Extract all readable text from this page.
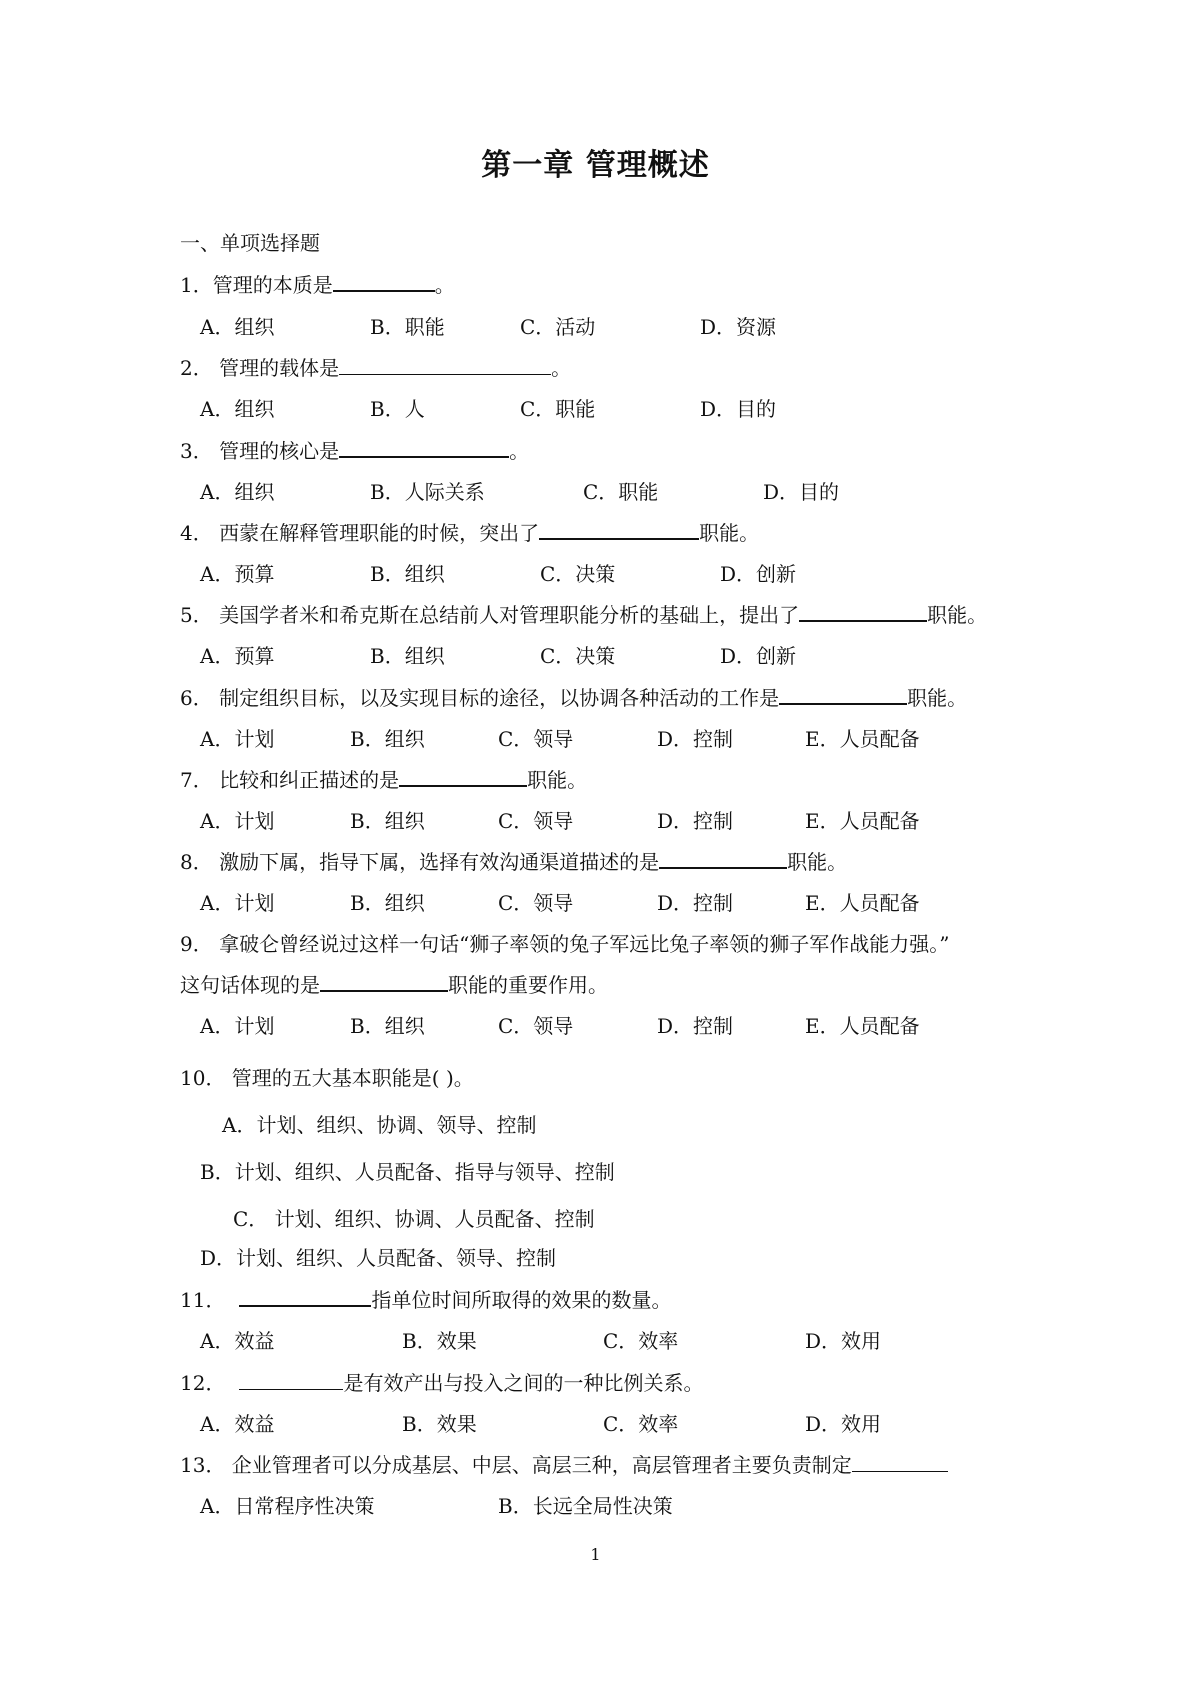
第一章 管理概述
一、单项选择题
1．管理的本质是	。
A．组织	B．职能	C．活动	D．资源
2． 管理的载体是	。
A．组织	B．人	C．职能	D．目的
3． 管理的核心是	。
A．组织	B．人际关系	C．职能	D．目的
4． 西蒙在解释管理职能的时候，突出了	职能。
A．预算	B．组织	C．决策	D．创新
5． 美国学者米和希克斯在总结前人对管理职能分析的基础上，提出了	职能。
A．预算	B．组织	C．决策	D．创新
6． 制定组织目标，以及实现目标的途径，以协调各种活动的工作是	职能。
A．计划	B．组织	C．领导	D．控制	E．人员配备
7． 比较和纠正描述的是	职能。
A．计划	B．组织	C．领导	D．控制	E．人员配备
8． 激励下属，指导下属，选择有效沟通渠道描述的是	职能。
A．计划	B．组织	C．领导	D．控制	E．人员配备
9． 拿破仑曾经说过这样一句话“狮子率领的兔子军远比兔子率领的狮子军作战能力强。”
这句话体现的是	职能的重要作用。
A．计划	B．组织	C．领导	D．控制	E．人员配备
10． 管理的五大基本职能是( )。
A．计划、组织、协调、领导、控制
B．计划、组织、人员配备、指导与领导、控制
C． 计划、组织、协调、人员配备、控制
D．计划、组织、人员配备、领导、控制
11．	指单位时间所取得的效果的数量。
A．效益	B．效果	C．效率	D．效用
12．	是有效产出与投入之间的一种比例关系。
A．效益	B．效果	C．效率	D．效用
13． 企业管理者可以分成基层、中层、高层三种，高层管理者主要负责制定
A．日常程序性决策	B．长远全局性决策
1
